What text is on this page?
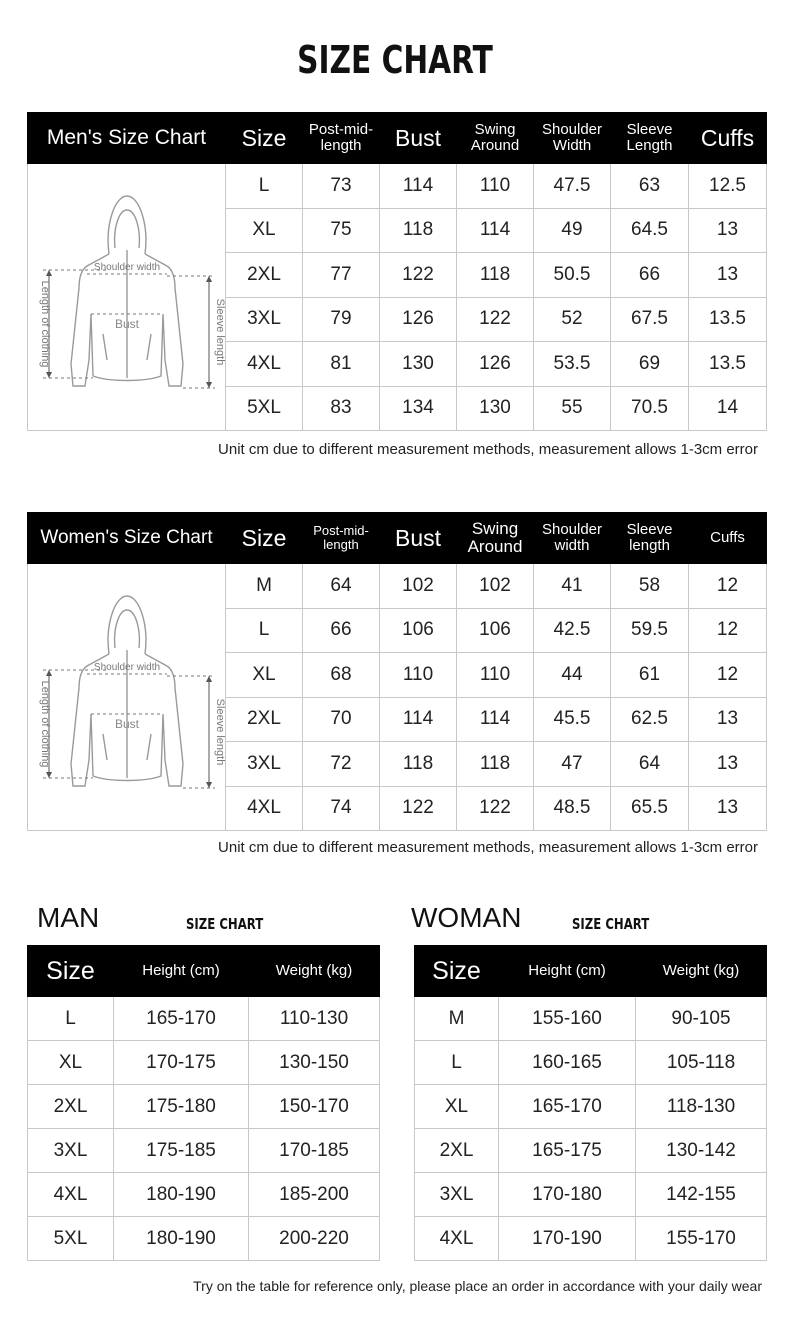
SIZE CHART
Men's Size Chart	Size	Post-mid-length	Bust	Swing Around	Shoulder Width	Sleeve Length	Cuffs

Shoulder width
Bust
Length of clothing Sleeve length	L	73	114	110	47.5	63	12.5
	XL	75	118	114	49	64.5	13
	2XL	77	122	118	50.5	66	13
	3XL	79	126	122	52	67.5	13.5
	4XL	81	130	126	53.5	69	13.5
	5XL	83	134	130	55	70.5	14
Unit cm due to different measurement methods, measurement allows 1-3cm error
Women's Size Chart	Size	Post-mid-length	Bust	Swing Around	Shoulder width	Sleeve length	Cuffs

Shoulder width
Bust
Length of clothing Sleeve length	M	64	102	102	41	58	12
	L	66	106	106	42.5	59.5	12
	XL	68	110	110	44	61	12
	2XL	70	114	114	45.5	62.5	13
	3XL	72	118	118	47	64	13
	4XL	74	122	122	48.5	65.5	13
Unit cm due to different measurement methods, measurement allows 1-3cm error
MAN	SIZE CHART
Size	Height (cm)	Weight (kg)
L	165-170	110-130
XL	170-175	130-150
2XL	175-180	150-170
3XL	175-185	170-185
4XL	180-190	185-200
5XL	180-190	200-220
WOMAN	SIZE CHART
Size	Height (cm)	Weight (kg)
M	155-160	90-105
L	160-165	105-118
XL	165-170	118-130
2XL	165-175	130-142
3XL	170-180	142-155
4XL	170-190	155-170
Try on the table for reference only, please place an order in accordance with your daily wear
